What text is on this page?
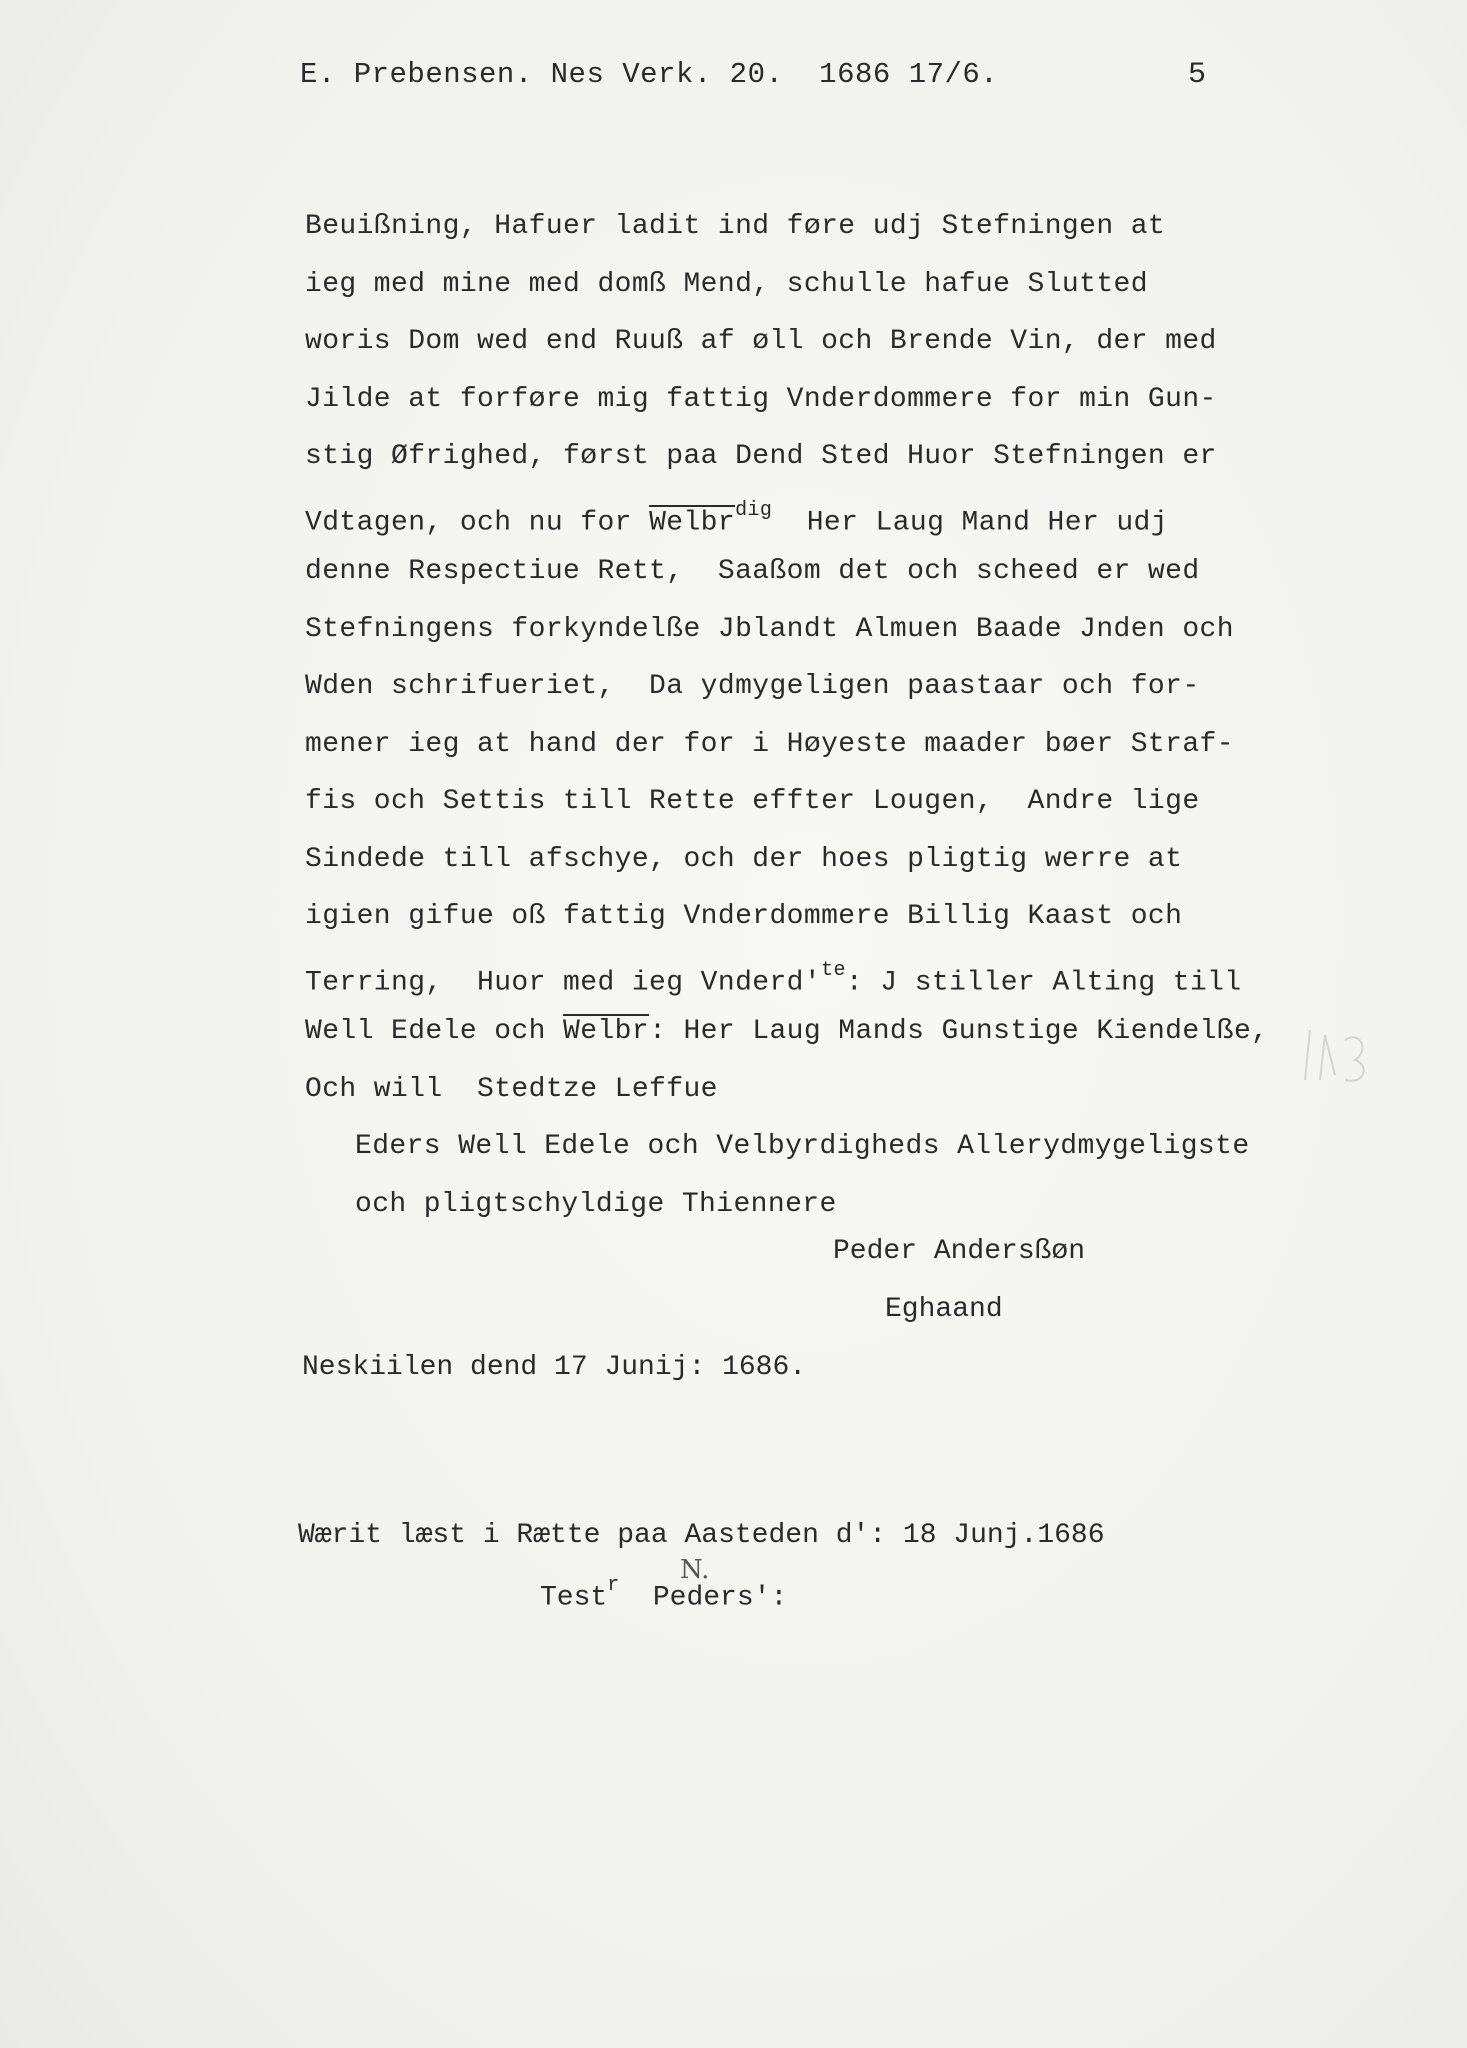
E. Prebensen. Nes Verk. 20.  1686 17/6.	5
Beuißning, Hafuer ladit ind føre udj Stefningen at
ieg med mine med domß Mend, schulle hafue Slutted
woris Dom wed end Ruuß af øll och Brende Vin, der med
Jilde at forføre mig fattig Vnderdommere for min Gun-
stig Øfrighed, først paa Dend Sted Huor Stefningen er
Vdtagen, och nu for Welbr$^{dig}$  Her Laug Mand Her udj
denne Respectiue Rett,  Saaßom det och scheed er wed
Stefningens forkyndelße Jblandt Almuen Baade Jnden och
Wden schrifueriet,  Da ydmygeligen paastaar och for-
mener ieg at hand der for i Høyeste maader bøer Straf-
fis och Settis till Rette effter Lougen,  Andre lige
Sindede till afschye, och der hoes pligtig werre at
igien gifue oß fattig Vnderdommere Billig Kaast och
Terring,  Huor med ieg $Vnderd'^{te}$: J stiller Alting till
Well Edele och Welbr: Her Laug Mands Gunstige Kiendelße,
Och will  Stedtze Leffue
Eders Well Edele och Velbyrdigheds Allerydmygeligste
och pligtschyldige Thiennere
Peder Andersßøn
Eghaand
Neskiilen dend 17 Junij: 1686.
Wærit læst i Rætte paa Aasteden d': 18 Junj.1686
Test$^r$  Peders':
N.
